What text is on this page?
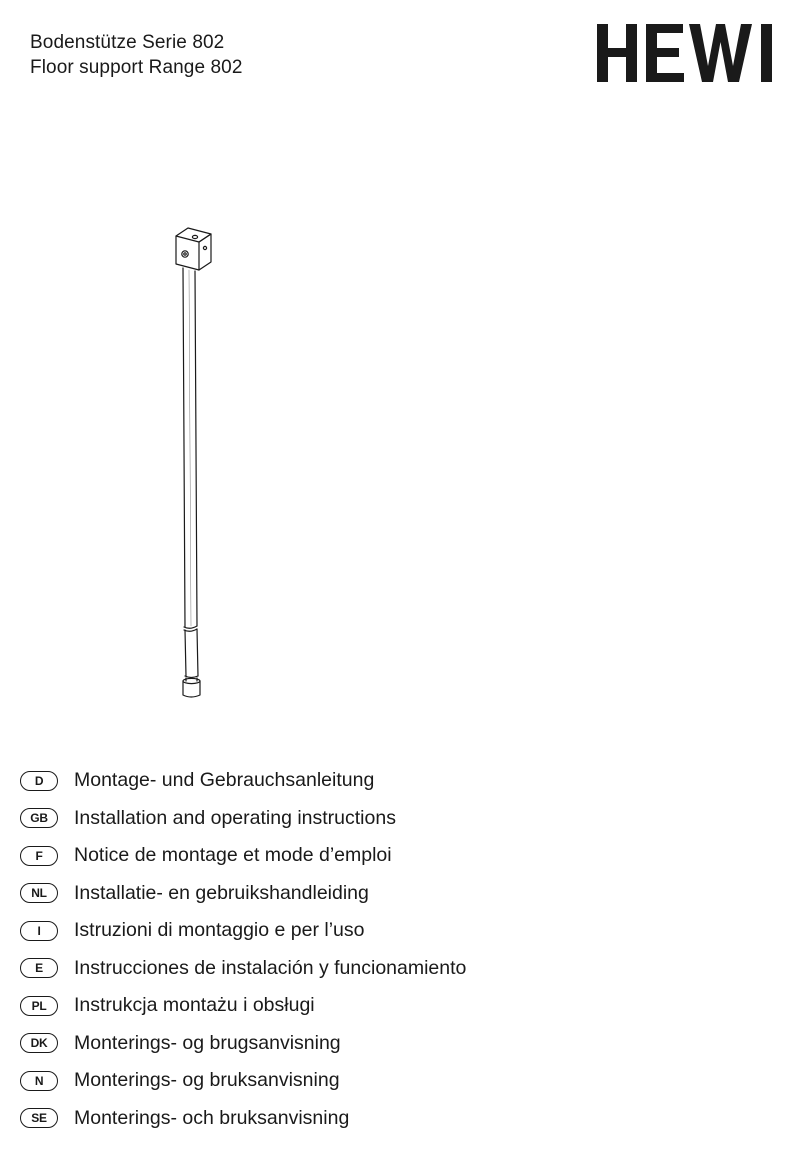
Bodenstütze Serie 802
Floor support Range 802
D	Montage- und Gebrauchsanleitung
GB	Installation and operating instructions
F	Notice de montage et mode d’emploi
NL	Installatie- en gebruikshandleiding
I	Istruzioni di montaggio e per l’uso
E	Instrucciones de instalación y funcionamiento
PL	Instrukcja montażu i obsługi
DK	Monterings- og brugsanvisning
N	Monterings- og bruksanvisning
SE	Monterings- och bruksanvisning
